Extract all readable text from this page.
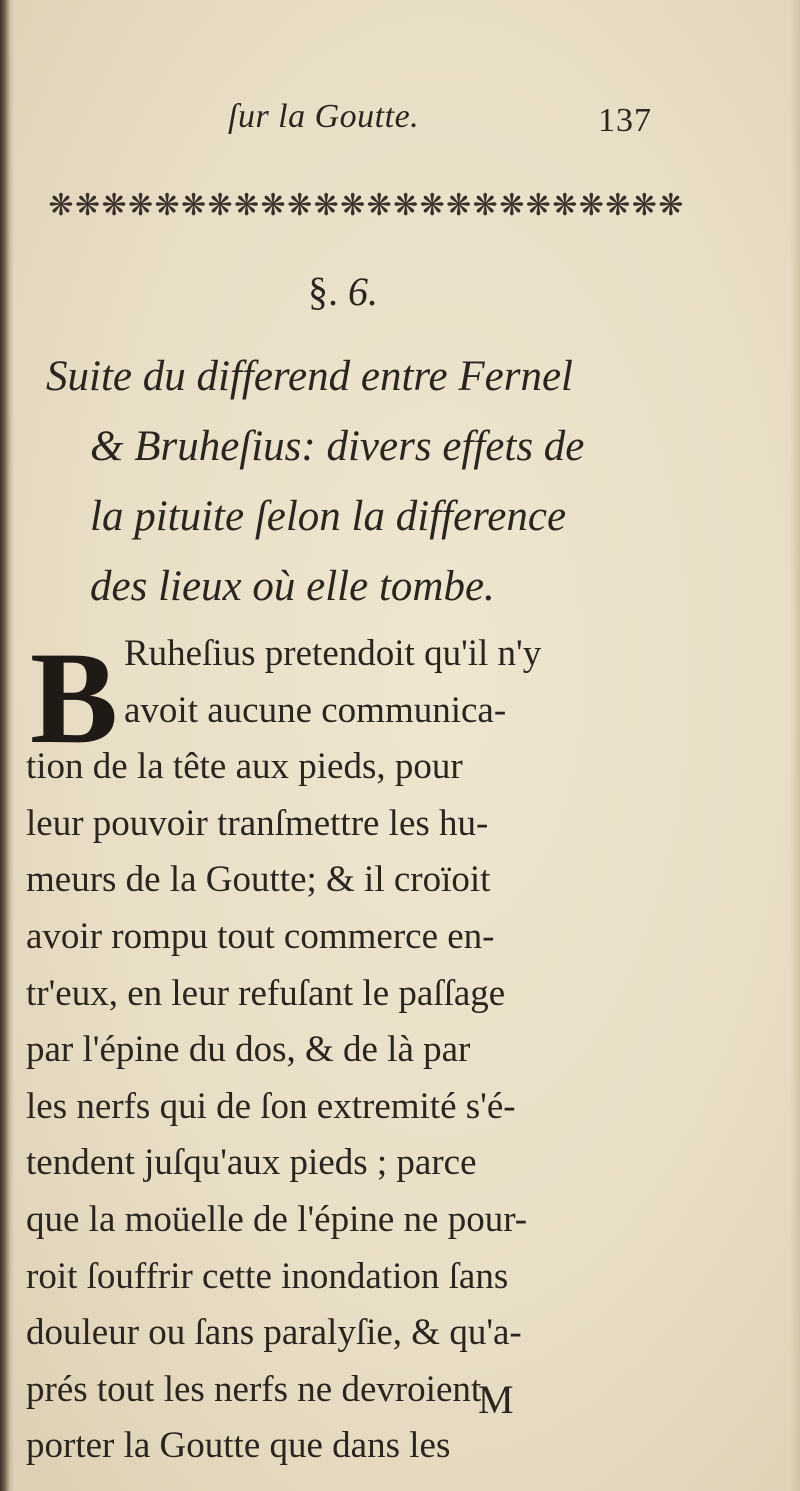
ſur la Goutte.	137
❋ ❋ ❋ ❋ ❋ ❋ ❋ ❋ ❋ ❋ ❋ ❋ ❋ ❋ ❋ ❋ ❋ ❋ ❋ ❋ ❋ ❋ ❋ ❋
§. 6.
Suite du differend entre Fernel
& Bruheſius: divers effets de
la pituite ſelon la difference
des lieux où elle tombe.
B Ruheſius pretendoit qu'il n'y
avoit aucune communica-
tion de la tête aux pieds, pour
leur pouvoir tranſmettre les hu-
meurs de la Goutte; & il croïoit
avoir rompu tout commerce en-
tr'eux, en leur refuſant le paſſage
par l'épine du dos, & de là par
les nerfs qui de ſon extremité s'é-
tendent juſqu'aux pieds ; parce
que la moüelle de l'épine ne pour-
roit ſouffrir cette inondation ſans
douleur ou ſans paralyſie, & qu'a-
prés tout les nerfs ne devroient
porter la Goutte que dans les
M
